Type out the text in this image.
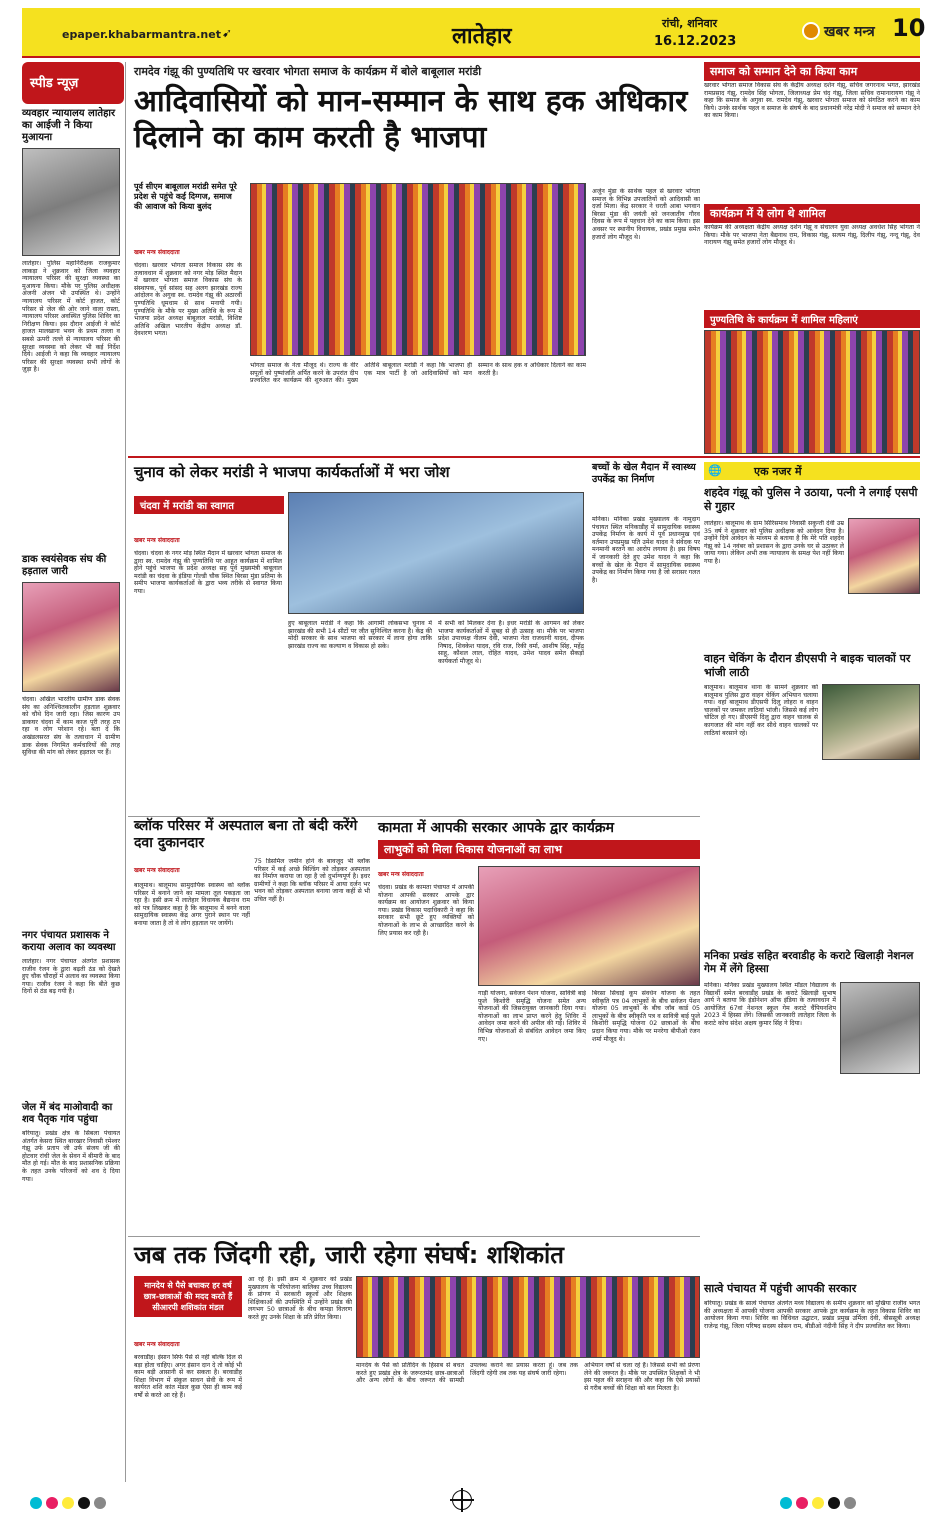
epaper.khabarmantra.net ➹	लातेहार
रांची, शनिवार
16.12.2023
खबर मन्त्र 10
स्पीड न्यूज़
व्यवहार न्यायालय लातेहार का आईजी ने किया मुआयना
लातेहार। पुलिस महानिरीक्षक राजकुमार लाकड़ा ने शुक्रवार को जिला व्यवहार न्यायालय परिसर की सुरक्षा व्यवस्था का मुआयना किया। मौके पर पुलिस अधीक्षक अंजनी अंजन भी उपस्थित थे। उन्होंने न्यायालय परिसर में कोर्ट हाजत, कोर्ट परिसर से जेल की ओर जाने वाला रास्ता, न्यायालय परिसर अवस्थित पुलिस शिविर का निरीक्षण किया। इस दौरान आईजी ने कोर्ट हाजत मालखाना भवन के प्रथम तल्ला व सबसे ऊपरी तल्ले से न्यायालय परिसर की सुरक्षा व्यवस्था को लेकर भी कई निर्देश दिये। आईजी ने कहा कि व्यवहार न्यायालय परिसर की सुरक्षा व्यवस्था सभी लोगों के ज़ुड़ा है।
डाक स्वयंसेवक संघ की हड़ताल जारी
चंदवा। अखिल भारतीय ग्रामीण डाक सेवक संघ का अनिश्चितकालीन हड़ताल शुक्रवार को चौथे दिन जारी रहा। जिस कारण उप डाकघर चंदवा में काम काज पूरी तरह ठप रहा व लोग परेशान रहे। बता दें कि अखंडलसरत संघ के तत्वाधान में ग्रामीण डाक सेवक निगमित कर्मचारियों की तरह सुविधा की मांग को लेकर हड़ताल पर हैं।
नगर पंचायत प्रशासक ने कराया अलाव का व्यवस्था
लातेहार। नगर पंचायत अंतर्गत प्रशासक राजीव रंजन के द्वारा बढ़ती ठंड को देखते हुए चौक चौराहों में अलाव का व्यवस्था किया गया। राजीव रंजन ने कहा कि बीते कुछ दिनों से ठंड बढ़ गयी है।
जेल में बंद माओवादी का शव पैतृक गांव पहुंचा
बरियातू। प्रखंड क्षेत्र के सिबला पंचायत अंतर्गत केसरा स्थित बारखार निवासी रमेश्वर गंझू उर्फ प्रताप जी उर्फ संजय जी की होटवार रांची जेल के सेवन में बीमारी के बाद मौत हो गई। मौत के बाद प्रशासनिक प्रक्रिया के तहत उनके परिजनों को शव दे दिया गया।
रामदेव गंझू की पुण्यतिथि पर खरवार भोगता समाज के कार्यक्रम में बोले बाबूलाल मरांडी
आदिवासियों को मान-सम्मान के साथ हक अधिकार दिलाने का काम करती है भाजपा
पूर्व सीएम बाबूलाल मरांडी समेत पूरे प्रदेश से पहुंचे कई दिग्गज, समाज की आवाज को किया बुलंद
खबर मन्त्र संवाददाता
चंदवा। खरवार भोगता समाज विकास संघ के तत्वावधान में शुक्रवार को नगर मोड़ स्थित मैदान में खरवार भोगता समाज विकास संघ के संस्थापक, पूर्व सांसद सह अलग झारखंड राज्य आंदोलन के अगुवा स्व. रामदेव गंझू की अठारवीं पुण्यतिथि धूमधाम से साथ मनायी गयी। पुण्यतिथि के मौके पर मुख्य अतिथि के रूप में भाजपा प्रदेश अध्यक्ष बाबूलाल मरांडी, विशिष्ट अतिथि अखिल भारतीय केंद्रीय अध्यक्ष डॉ. देवशरण भगत।
भोगता समाज के नेता मौजूद थे। राज्य के वीर सपूतों को पुष्पांजलि अर्पित करने के उपरांत दीप प्रज्वलित कर कार्यक्रम की शुरुआत की। मुख्य अतिथि बाबूलाल मरांडी ने कहा कि भाजपा ही एक मात्र पार्टी है जो आदिवासियों को मान सम्मान के साथ हक व अधिकार दिलाने का काम करती है।
अर्जुन मुंडा के सार्थक पहल से खरवार भोगता समाज के विभिन्न उपजातियों को आदिवासी का दर्जा मिला। केंद्र सरकार ने धरती आबा भगवान बिरसा मुंडा की जयंती को जनजातीय गौरव दिवस के रूप में पहचान देने का काम किया। इस अवसर पर स्थानीय विधायक, प्रखंड प्रमुख समेत हजारों लोग मौजूद थे।
समाज को सम्मान देने का किया काम
खरवार भोगता समाज विकास संघ के केंद्रीय अध्यक्ष दर्शन गंझू, सचिव जगरनाथ भगत, झारखंड रामप्रसाद गंझू, रामदेव सिंह भोगता, जिलाध्यक्ष प्रेम चंद गंझू, जिला सचिव रामानारायण गंझू ने कहा कि समाज के अगुवा स्व. रामदेव गंझू, खरवार भोगता समाज को संगठित करने का काम किये। उनके सार्थक पहल व समाज के संघर्ष के बाद प्रधानमंत्री नरेंद्र मोदी ने समाज को सम्मान देने का काम किया।
कार्यक्रम में ये लोग थे शामिल
कार्यक्रम की अध्यक्षता केंद्रीय अध्यक्ष दर्शन गंझू व संचालन युवा अध्यक्ष अवधेश सिंह भोगता ने किया। मौके पर भाजपा नेता बैद्यनाथ राम, विकास गंझू, सत्यम गंझू, दिलीप गंझू, नन्दू गंझू, देव नारायण गंझू समेत हजारों लोग मौजूद थे।
पुण्यतिथि के कार्यक्रम में शामिल महिलाएं
चुनाव को लेकर मरांडी ने भाजपा कार्यकर्ताओं में भरा जोश
चंदवा में मरांडी का स्वागत
खबर मन्त्र संवाददाता
चंदवा। चंदवा के नगर मोड़ स्थित मैदान में खरवार भोगता समाज के द्वारा स्व. रामदेव गंझू की पुण्यतिथि पर आहूत कार्यक्रम में शामिल होने पहुंचे भाजपा के प्रदेश अध्यक्ष सह पूर्व मुख्यमंत्री बाबूलाल मरांडी का चंदवा के इंडिया गोल्डी चौक स्थित बिरसा मुंडा प्रतिमा के समीप भाजपा कार्यकर्ताओं के द्वारा भव्य तरीके से स्वागत किया गया।
हुए बाबूलाल मरांडी ने कहा कि आगामी लोकसभा चुनाव में झारखंड की सभी 14 सीटों पर जीत सुनिश्चित करना है। केंद्र की मोदी सरकार के साथ भाजपा को सरकार में लाना होगा ताकि झारखंड राज्य का कल्याण व विकास हो सके।
में सभी को मिलकर देना है। इधर मरांडी के आगमन को लेकर भाजपा कार्यकर्ताओं में सुबह से ही उत्साह था। मौके पर भाजपा प्रदेश उपाध्यक्ष नीलम देवी, भाजपा नेता राजधानी यादव, दीपक निषाद, शिवकेश यादव, रवि राज, रिकी वर्मा, आशीष सिंह, महेंद्र साहू, कौशल लाल, रोहित यादव, उमेश यादव समेत सैकड़ों कार्यकर्ता मौजूद थे।
बच्चों के खेल मैदान में स्वास्थ्य उपकेंद्र का निर्माण
मनिका। मनिका प्रखंड मुख्यालय के नामुदाग पंचायत स्थित मनिकाडीह में सामुदायिक स्वास्थ्य उपकेंद्र निर्माण के कार्य में पूर्व प्रधानमुख एवं वर्तमान उपप्रमुख पति उमेश यादव ने संवेदक पर मनमानी बरतने का आरोप लगाया है। इस विषय में जानकारी देते हुए उमेश यादव ने कहा कि बच्चों के खेल के मैदान में सामुदायिक स्वास्थ्य उपकेंद्र का निर्माण किया गया है जो सरासर गलत है।
🌐	एक नजर में
शहदेव गंझू को पुलिस ने उठाया, पत्नी ने लगाई एसपी से गुहार
लातेहार। बालूमाथ के ग्राम सिरिसमाथ निवासी सकुन्ती देवी उम्र 35 वर्ष ने शुक्रवार को पुलिस अधीक्षक को आवेदन दिया है। उन्होंने दिये आवेदन के माध्यम से बताया है कि मेरे पति शहदेव गंझू को 14 नवंबर को प्रशासन के द्वारा उनके घर से उठाकर ले जाया गया। लेकिन अभी तक न्यायालय के समक्ष पेश नहीं किया गया है।
वाहन चेकिंग के दौरान डीएसपी ने बाइक चालकों पर भांजी लाठी
बालूमाथ। बालूमाथ थाना के सामने शुक्रवार को बालूमाथ पुलिस द्वारा वाहन चेकिंग अभियान चलाया गया। वहां बालूमाथ डीएसपी दिलु लोहरा व वाहन चालकों पर जमकर लाठियां भांजी। जिससे कई लोग चोटिल हो गए। डीएसपी दिलु द्वारा वाहन चालक से कागजात की मांग नहीं कर सीधे वाहन चालकों पर लाठियां बरसाने रहे।
मनिका प्रखंड सहित बरवाडीह के कराटे खिलाड़ी नेशनल गेम में लेंगे हिस्सा
मनिका। मनिका प्रखंड मुख्यालय स्थित मॉडल विद्यालय के विद्यार्थी समेत बरवाडीह प्रखंड के कराटे खिलाड़ी सुभाष आर्य ने बताया कि इंडोनेशन ऑफ इंडिया के तत्वावधान में आयोजित 67वां नेशनल स्कूल गेम कराटे चैंपियनशिप 2023 में हिस्सा लेंगे। जिसकी जानकारी लातेहार जिला के कराटे कोच संदेश अक्षय कुमार सिंह ने दिया।
सात्वे पंचायत में पहुंची आपकी सरकार
बरियातू। प्रखंड के सात्वे पंचायत अंतर्गत मध्य विद्यालय के समीप शुक्रवार को मुखिया राजीव भगत की अध्यक्षता में आपकी योजना आपकी सरकार आपके द्वार कार्यक्रम के तहत विकास शिविर का आयोजन किया गया। शिविर का विधिवत उद्घाटन, प्रखंड प्रमुख उर्मिला देवी, बीससूत्री अध्यक्ष राजेन्द्र गंझू, जिला परिषद सदस्य सोसन राम, बीडीओ नंदीनी सिंह ने दीप प्रज्वलित कर किया।
ब्लॉक परिसर में अस्पताल बना तो बंदी करेंगे दवा दुकानदार
खबर मन्त्र संवाददाता
बालूमाथ। बालूमाथ सामुदायिक स्वास्थ्य को ब्लॉक परिसर में बनाने जाने का मामला तूल पकड़ता जा रहा है। इसी क्रम में लातेहार विधायक बैद्यनाथ राम को पत्र लिखकर कहा है कि बालूमाथ में बनने वाला सामुदायिक स्वास्थ्य केंद्र अगर पुराने स्थान पर नहीं बनाया जाता है तो वे लोग हड़ताल पर जायेंगे।
75 डिसमिल जमीन होने के बावजूद भी ब्लॉक परिसर में कई अच्छे बिल्डिंग को तोड़कर अस्पताल का निर्माण कराया जा रहा है जो दुर्भाग्यपूर्ण है। इधर ग्रामीणों ने कहा कि ब्लॉक परिसर में आया दर्जन भर भवन को तोड़कर अस्पताल बनाया जाना कहीं से भी उचित नहीं है।
कामता में आपकी सरकार आपके द्वार कार्यक्रम
लाभुकों को मिला विकास योजनाओं का लाभ
खबर मन्त्र संवाददाता
चंदवा। प्रखंड के कामता पंचायत में आपकी योजना आपकी सरकार आपके द्वार कार्यक्रम का आयोजन शुक्रवार को किया गया। प्रखंड विकास पदाधिकारी ने कहा कि सरकार सभी छूटे हुए व्यक्तियों को योजनाओं के लाभ से आच्छादित करने के लिए प्रयास कर रही है।
गाड़ी योजना, सर्वजन पेंशन योजना, सावित्री बाई फुले किशोरी समृद्धि योजना समेत अन्य योजनाओं की जिसरायुक्त जानकारी दिया गया। योजनाओं का लाभ प्राप्त करने हेतु शिविर में आवेदन जमा करने की अपील की गई। शिविर में विभिन्न योजनाओं से संबंधित आवेदन जमा किए गए।
बिरसा सिंचाई कूप संवर्धन योजना के तहत स्वीकृति पत्र 04 लाभुकों के बीच सर्वजन पेंशन योजना 05 लाभुकों के बीच जॉब कार्ड 05 लाभुकों के बीच स्वीकृति पत्र व सावित्री बाई फुले किशोरी समृद्धि योजना 02 छात्राओं के बीच प्रदान किया गया। मौके पर मनरेगा बीपीओ रंजन शर्मा मौजूद थे।
जब तक जिंदगी रही, जारी रहेगा संघर्ष: शशिकांत
मानदेय से पैसे बचाकर हर वर्ष छात्र-छात्राओं की मदद करते हैं सीआरपी शशिकांत मंडल
खबर मन्त्र संवाददाता
बरवाडीह। इंसान सिर्फ पैसे से नहीं बल्कि दिल से बड़ा होता चाहिए। अगर इंसान दान दे तो कोई भी काम बड़ी आसानी से कर सकता है। बरवाडीह शिक्षा विभाग में संकुल साधन सेवी के रूप में कार्यरत शशि कांत मंडल कुछ ऐसा ही काम कई वर्षों से करते आ रहे हैं।
आ रहे है। इसी क्रम में शुक्रवार को प्रखंड मुख्यालय के परियोजना बालिका उच्च विद्यालय के प्रांगण में सरकारी स्कूलों और शिक्षक शिक्षिकाओं की उपस्थिति में उन्होंने प्रखंड की लगभग 50 छात्राओं के बीच कपड़ा वितरण करते हुए उनके शिक्षा के प्रति प्रेरित किया।
मानदेय के पैसे को प्रतिदिन के हिसाब से बचत करते हुए प्रखंड क्षेत्र के जरूरतमंद छात्र-छात्राओं और अन्य लोगों के बीच जरूरत की सामग्री उपलब्ध कराने का प्रयास करता हूं। जब तक जिंदगी रहेगी तब तक यह संघर्ष जारी रहेगा।
अभियान वर्षों से चला रहे हैं। जिससे सभी को प्रेरणा लेने की जरूरत है। मौके पर उपस्थित शिक्षकों ने भी इस पहल की सराहना की और कहा कि ऐसे प्रयासों से गरीब बच्चों की शिक्षा को बल मिलता है।
